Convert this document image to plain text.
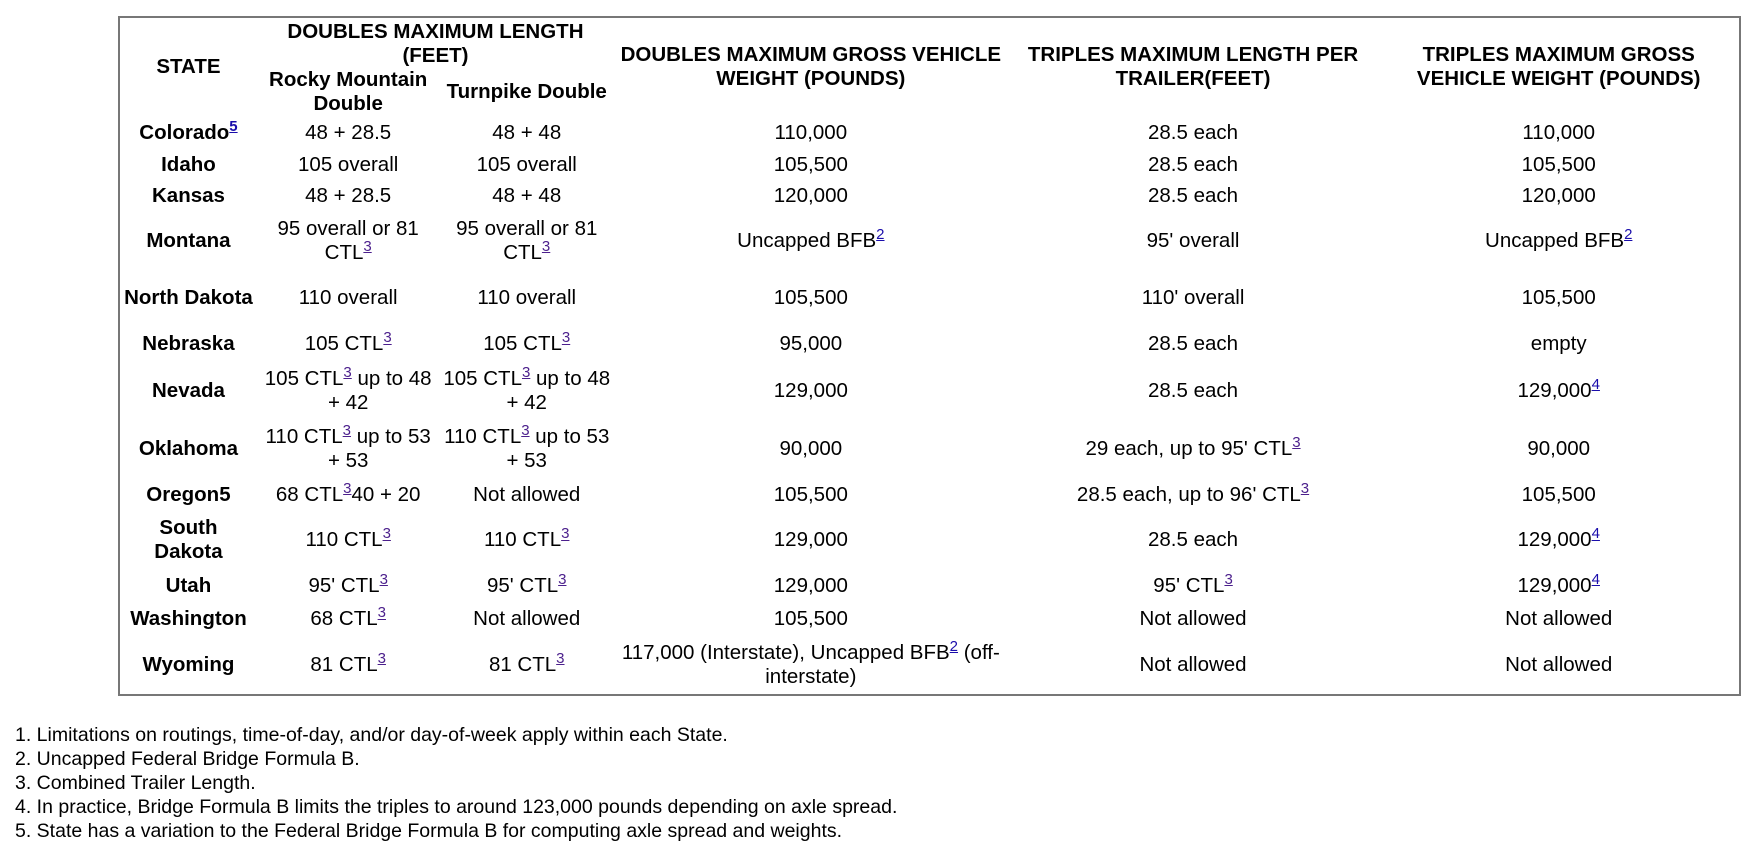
STATE	DOUBLES MAXIMUM LENGTH (FEET)		DOUBLES MAXIMUM GROSS VEHICLE WEIGHT (POUNDS)	TRIPLES MAXIMUM LENGTH PER TRAILER(FEET)	TRIPLES MAXIMUM GROSS VEHICLE WEIGHT (POUNDS)
	Rocky Mountain Double	Turnpike Double			
Colorado$^5$	48 + 28.5	48 + 48	110,000	28.5 each	110,000
Idaho	105 overall	105 overall	105,500	28.5 each	105,500
Kansas	48 + 28.5	48 + 48	120,000	28.5 each	120,000
Montana	95 overall or 81 CTL$^3$	95 overall or 81 CTL$^3$	Uncapped BFB$^2$	95' overall	Uncapped BFB$^2$
North Dakota	110 overall	110 overall	105,500	110' overall	105,500
Nebraska	105 CTL$^3$	105 CTL$^3$	95,000	28.5 each	empty
Nevada	105 CTL$^3$ up to 48 + 42	105 CTL$^3$ up to 48 + 42	129,000	28.5 each	129,000$^4$
Oklahoma	110 CTL$^3$ up to 53 + 53	110 CTL$^3$ up to 53 + 53	90,000	29 each, up to 95' CTL$^3$	90,000
Oregon5	68 CTL$^3$40 + 20	Not allowed	105,500	28.5 each, up to 96' CTL$^3$	105,500
South Dakota	110 CTL$^3$	110 CTL$^3$	129,000	28.5 each	129,000$^4$
Utah	95' CTL$^3$	95' CTL$^3$	129,000	95' CTL$^3$	129,000$^4$
Washington	68 CTL$^3$	Not allowed	105,500	Not allowed	Not allowed
Wyoming	81 CTL$^3$	81 CTL$^3$	117,000 (Interstate), Uncapped BFB$^2$ (off-interstate)	Not allowed	Not allowed
1. Limitations on routings, time-of-day, and/or day-of-week apply within each State.
2. Uncapped Federal Bridge Formula B.
3. Combined Trailer Length.
4. In practice, Bridge Formula B limits the triples to around 123,000 pounds depending on axle spread.
5. State has a variation to the Federal Bridge Formula B for computing axle spread and weights.
